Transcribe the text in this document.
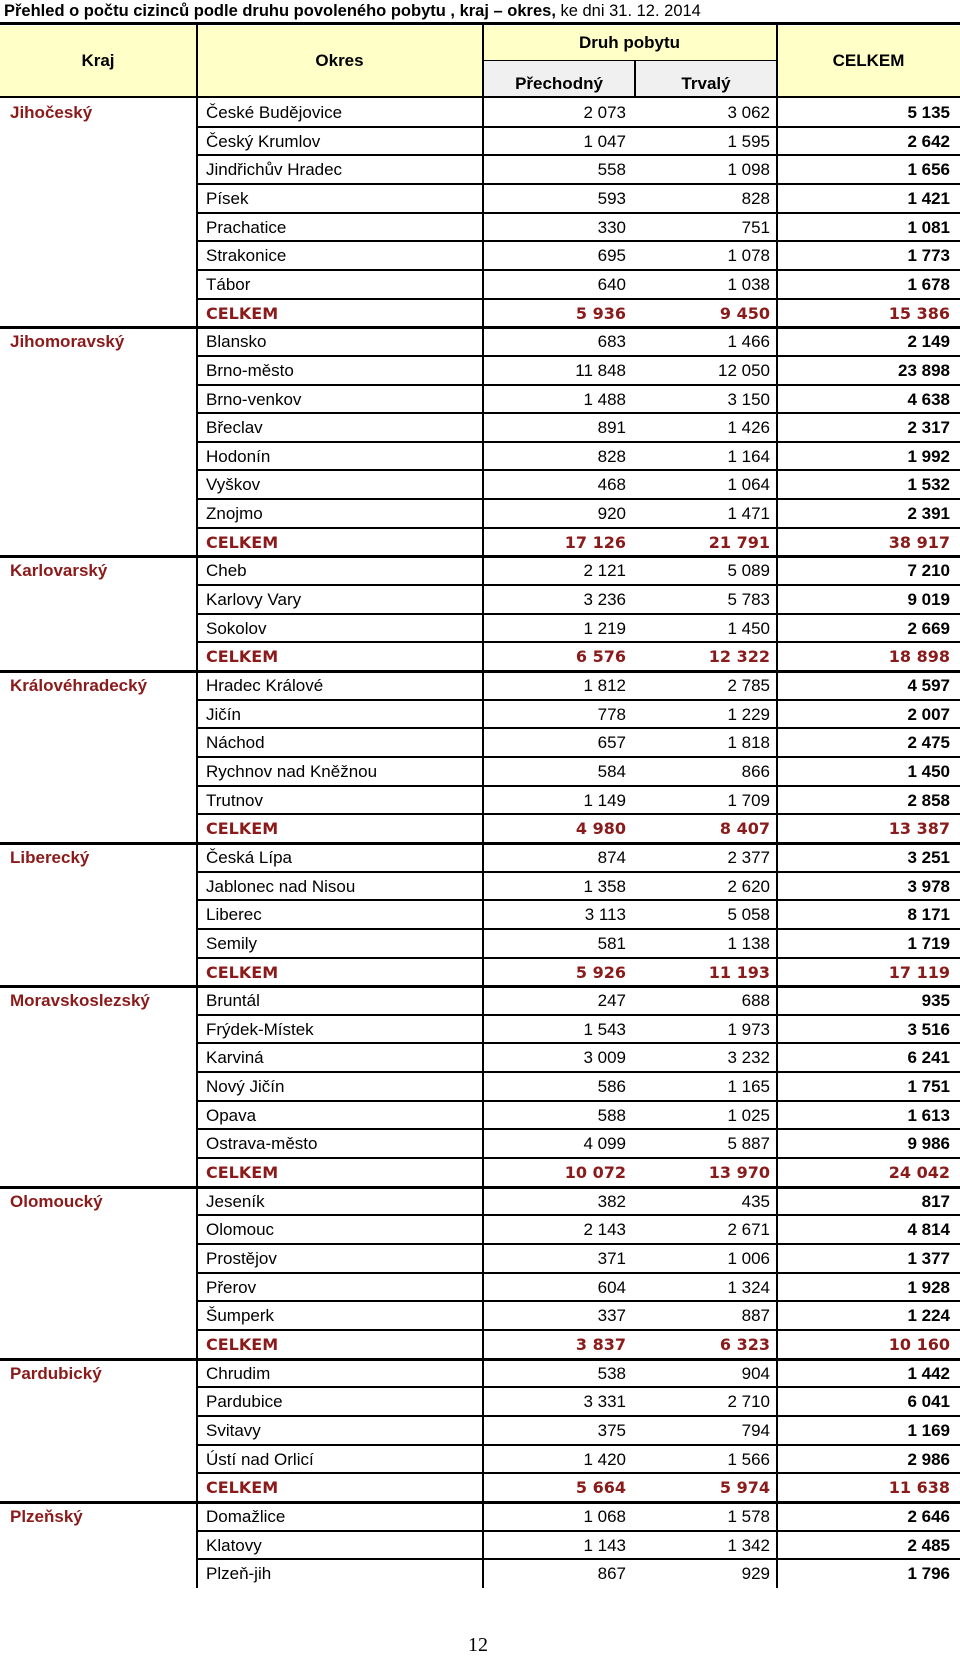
Přehled o počtu cizinců podle druhu povoleného pobytu , kraj – okres, ke dni 31. 12. 2014
Kraj	Okres
Druh pobytu
Přechodný	Trvalý
CELKEM
Jihočeský	České Budějovice	2 073	3 062	5 135
Český Krumlov	1 047	1 595	2 642
Jindřichův Hradec	558	1 098	1 656
Písek	593	828	1 421
Prachatice	330	751	1 081
Strakonice	695	1 078	1 773
Tábor	640	1 038	1 678
CELKEM	5 936	9 450	15 386
Jihomoravský	Blansko	683	1 466	2 149
Brno-město	11 848	12 050	23 898
Brno-venkov	1 488	3 150	4 638
Břeclav	891	1 426	2 317
Hodonín	828	1 164	1 992
Vyškov	468	1 064	1 532
Znojmo	920	1 471	2 391
CELKEM	17 126	21 791	38 917
Karlovarský	Cheb	2 121	5 089	7 210
Karlovy Vary	3 236	5 783	9 019
Sokolov	1 219	1 450	2 669
CELKEM	6 576	12 322	18 898
Královéhradecký	Hradec Králové	1 812	2 785	4 597
Jičín	778	1 229	2 007
Náchod	657	1 818	2 475
Rychnov nad Kněžnou	584	866	1 450
Trutnov	1 149	1 709	2 858
CELKEM	4 980	8 407	13 387
Liberecký	Česká Lípa	874	2 377	3 251
Jablonec nad Nisou	1 358	2 620	3 978
Liberec	3 113	5 058	8 171
Semily	581	1 138	1 719
CELKEM	5 926	11 193	17 119
Moravskoslezský	Bruntál	247	688	935
Frýdek-Místek	1 543	1 973	3 516
Karviná	3 009	3 232	6 241
Nový Jičín	586	1 165	1 751
Opava	588	1 025	1 613
Ostrava-město	4 099	5 887	9 986
CELKEM	10 072	13 970	24 042
Olomoucký	Jeseník	382	435	817
Olomouc	2 143	2 671	4 814
Prostějov	371	1 006	1 377
Přerov	604	1 324	1 928
Šumperk	337	887	1 224
CELKEM	3 837	6 323	10 160
Pardubický	Chrudim	538	904	1 442
Pardubice	3 331	2 710	6 041
Svitavy	375	794	1 169
Ústí nad Orlicí	1 420	1 566	2 986
CELKEM	5 664	5 974	11 638
Plzeňský	Domažlice	1 068	1 578	2 646
Klatovy	1 143	1 342	2 485
Plzeň-jih	867	929	1 796
12
